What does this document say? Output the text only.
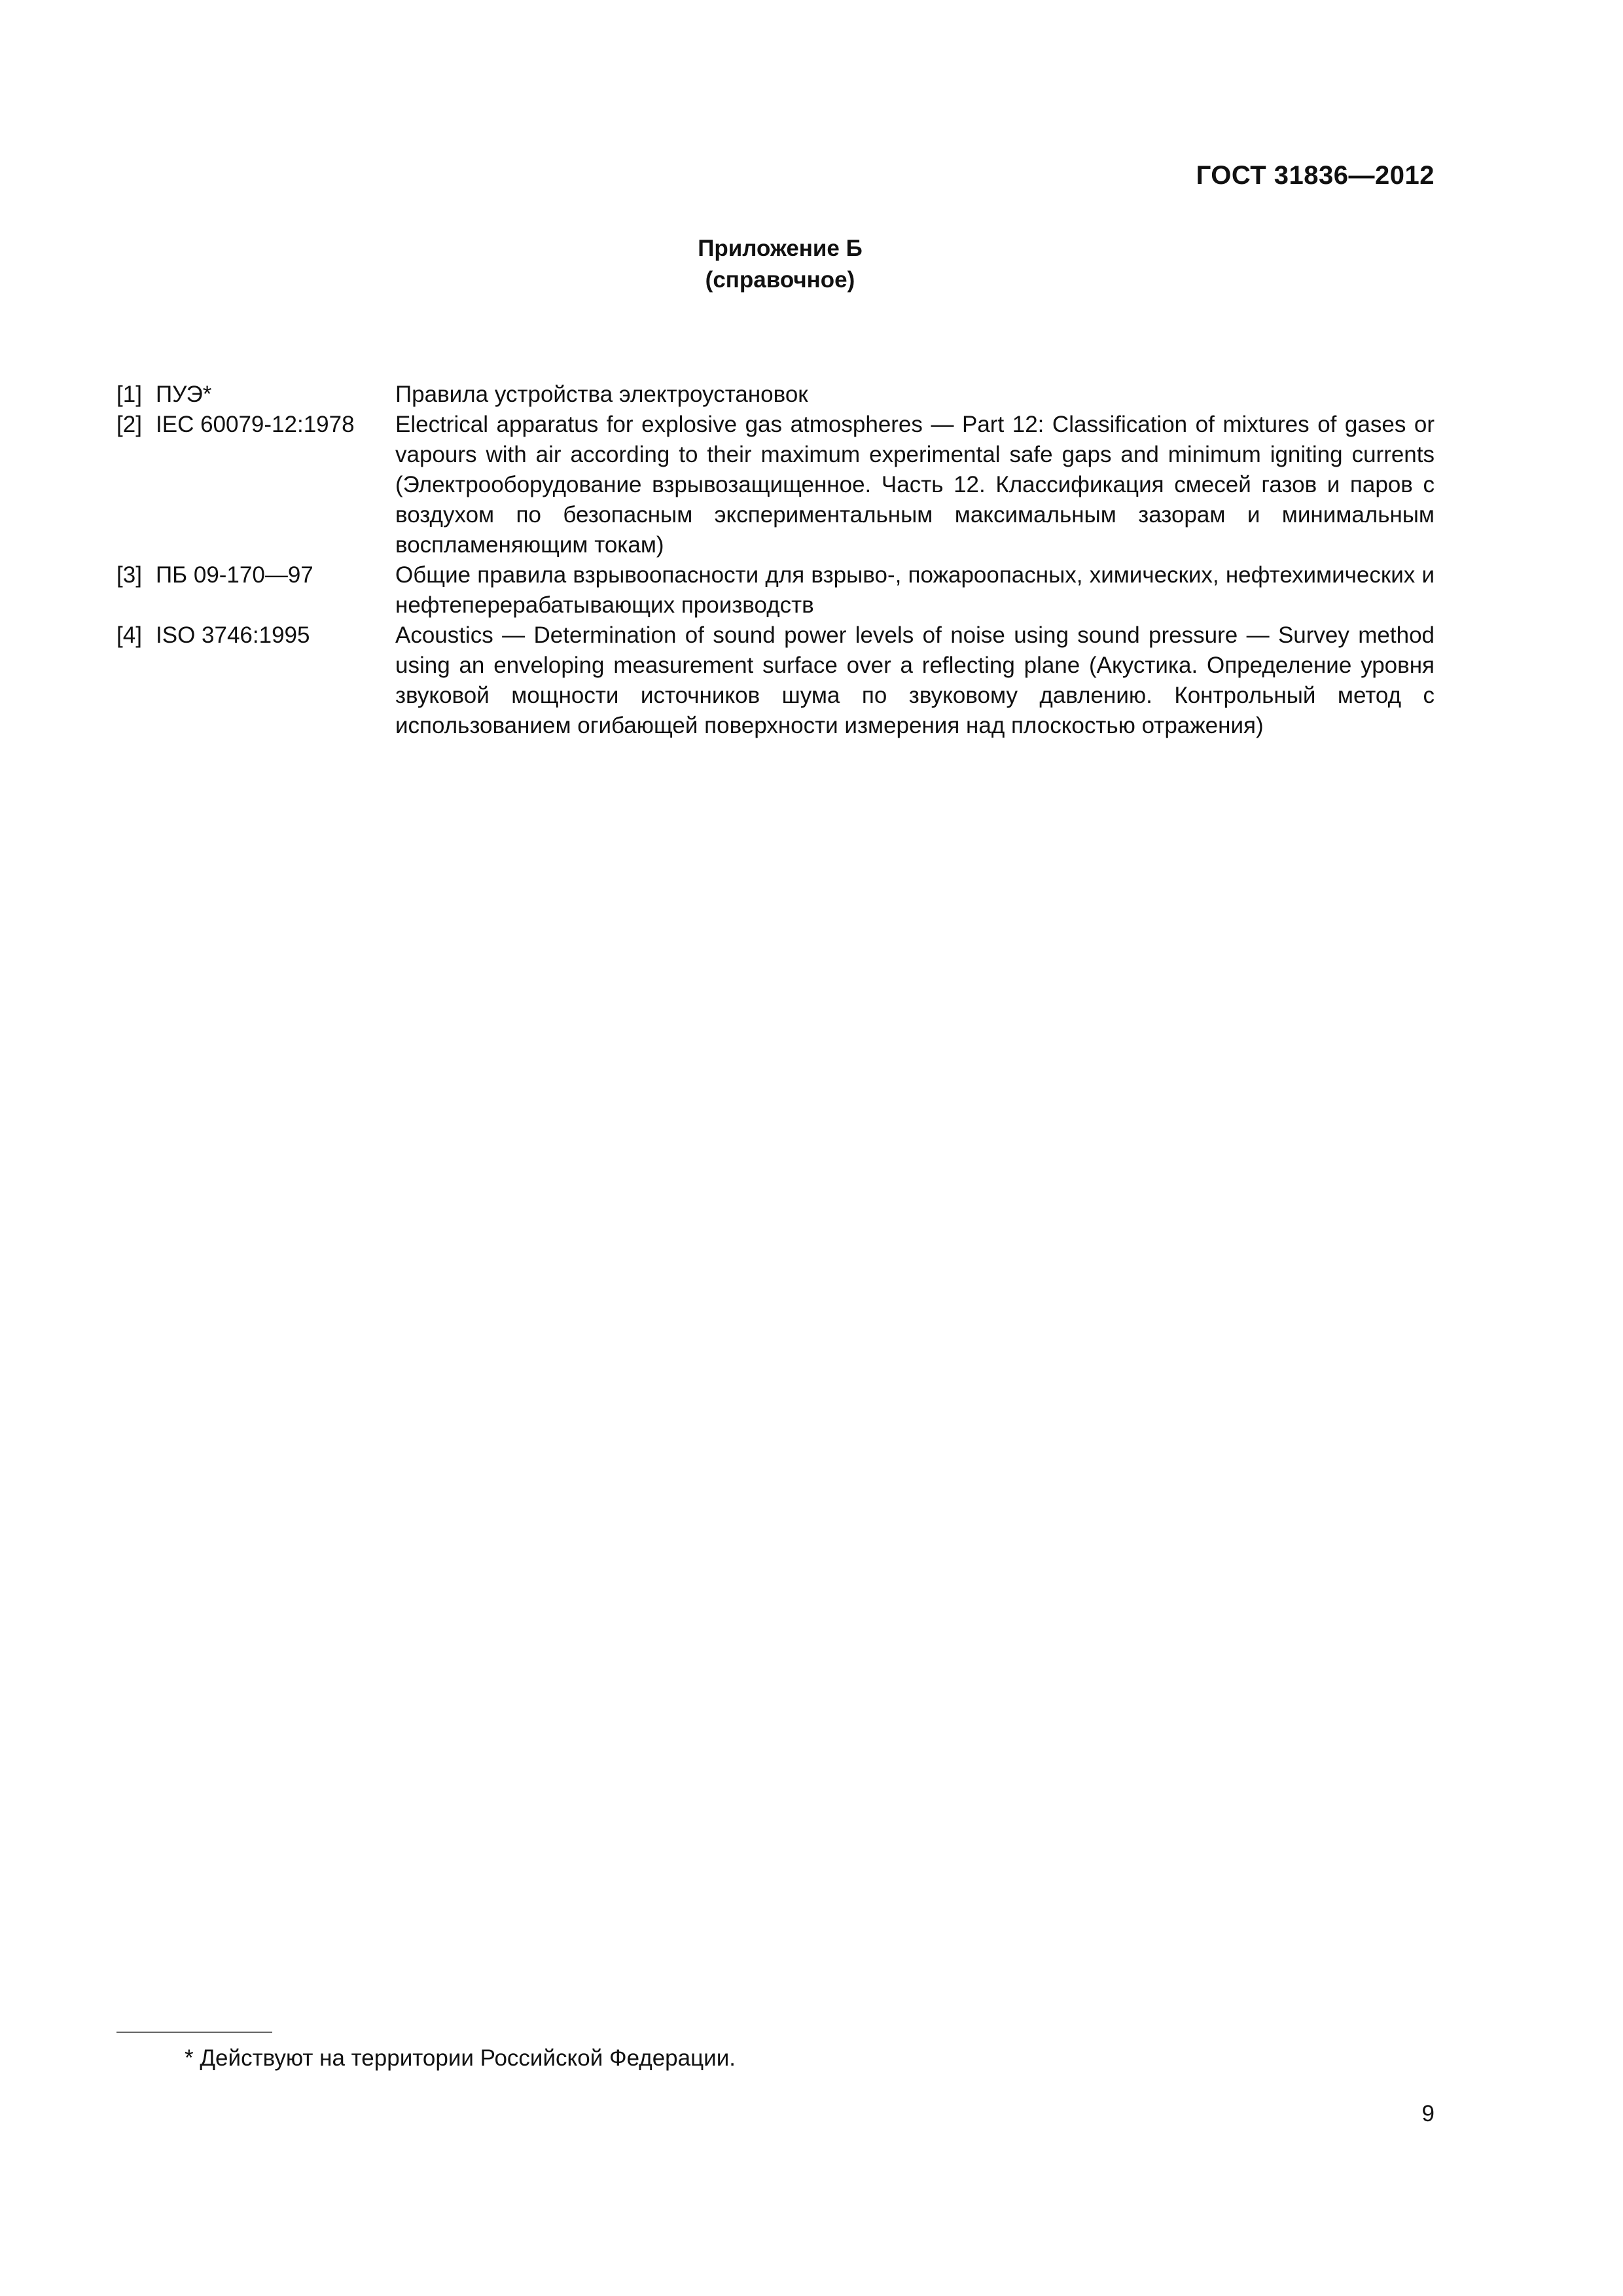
ГОСТ 31836—2012
Приложение Б
(справочное)
[1] ПУЭ*	Правила устройства электроустановок
[2] IEC 60079-12:1978	Electrical apparatus for explosive gas atmospheres — Part 12: Classification of mixtures of gases or vapours with air according to their maximum experimental safe gaps and minimum igniting currents (Электрооборудование взрывозащищенное. Часть 12. Классификация смесей газов и паров с воздухом по безопасным экспериментальным максимальным зазорам и минимальным воспламеняющим токам)
[3] ПБ 09-170—97	Общие правила взрывоопасности для взрыво-, пожароопасных, химических, нефтехимических и нефтеперерабатывающих производств
[4] ISO 3746:1995	Acoustics — Determination of sound power levels of noise using sound pressure — Survey method using an enveloping measurement surface over a reflecting plane (Акустика. Определение уровня звуковой мощности источников шума по звуковому давлению. Контрольный метод с использованием огибающей поверхности измерения над плоскостью отражения)
* Действуют на территории Российской Федерации.
9
